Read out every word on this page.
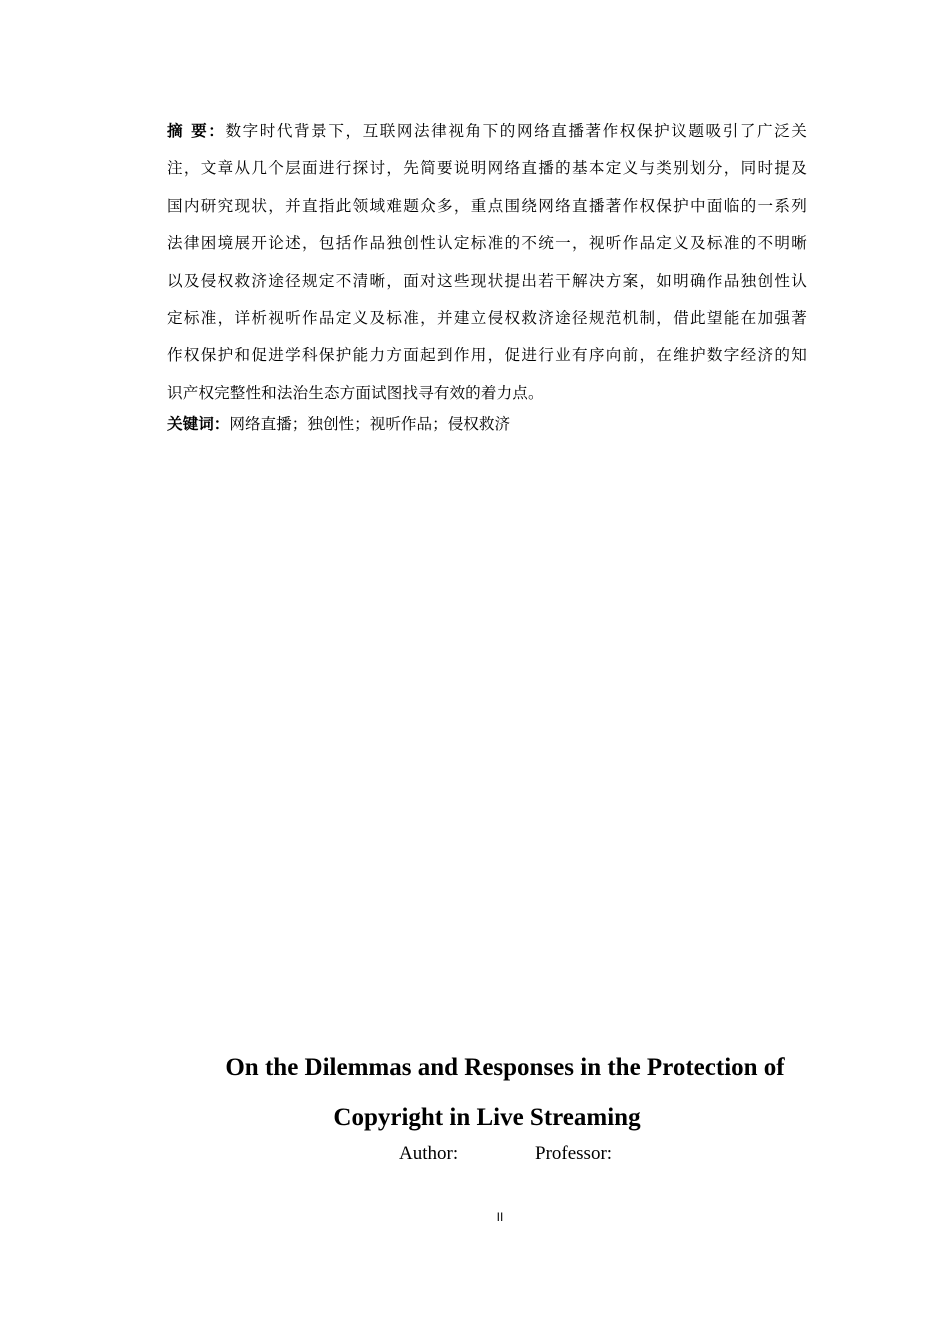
摘 要：数字时代背景下，互联网法律视角下的网络直播著作权保护议题吸引了广泛关
注，文章从几个层面进行探讨，先简要说明网络直播的基本定义与类别划分，同时提及
国内研究现状，并直指此领域难题众多，重点围绕网络直播著作权保护中面临的一系列
法律困境展开论述，包括作品独创性认定标准的不统一，视听作品定义及标准的不明晰
以及侵权救济途径规定不清晰，面对这些现状提出若干解决方案，如明确作品独创性认
定标准，详析视听作品定义及标准，并建立侵权救济途径规范机制，借此望能在加强著
作权保护和促进学科保护能力方面起到作用，促进行业有序向前，在维护数字经济的知
识产权完整性和法治生态方面试图找寻有效的着力点。
关键词：网络直播；独创性；视听作品；侵权救济
On the Dilemmas and Responses in the Protection of
Copyright in Live Streaming
Author:	Professor:
II
